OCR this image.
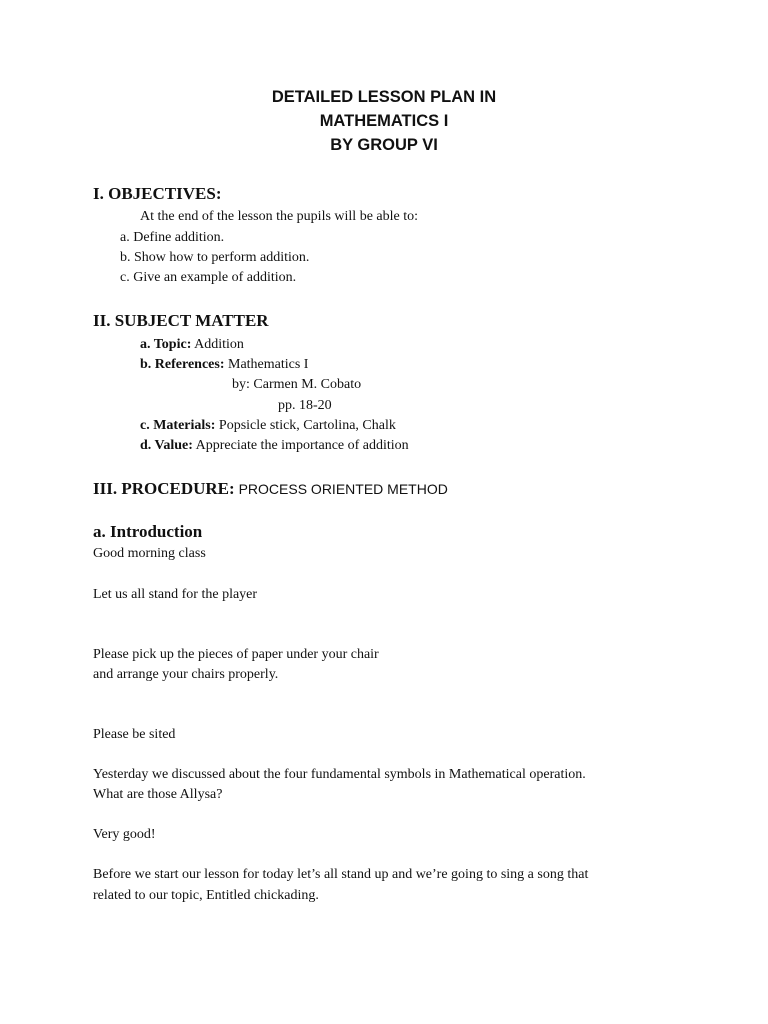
DETAILED LESSON PLAN IN
MATHEMATICS I
BY GROUP VI
I. OBJECTIVES:
At the end of the lesson the pupils will be able to:
a. Define addition.
b. Show how to perform addition.
c. Give an example of addition.
II. SUBJECT MATTER
a. Topic: Addition
b. References: Mathematics I
by: Carmen M. Cobato
pp. 18-20
c. Materials: Popsicle stick, Cartolina, Chalk
d. Value: Appreciate the importance of addition
III. PROCEDURE: PROCESS ORIENTED METHOD
a. Introduction
Good morning class
Let us all stand for the player
Please pick up the pieces of paper under your chair
and arrange your chairs properly.
Please be sited
Yesterday we discussed about the four fundamental symbols in Mathematical operation.
What are those Allysa?
Very good!
Before we start our lesson for today let’s all stand up and we’re going to sing a song that
related to our topic, Entitled chickading.
